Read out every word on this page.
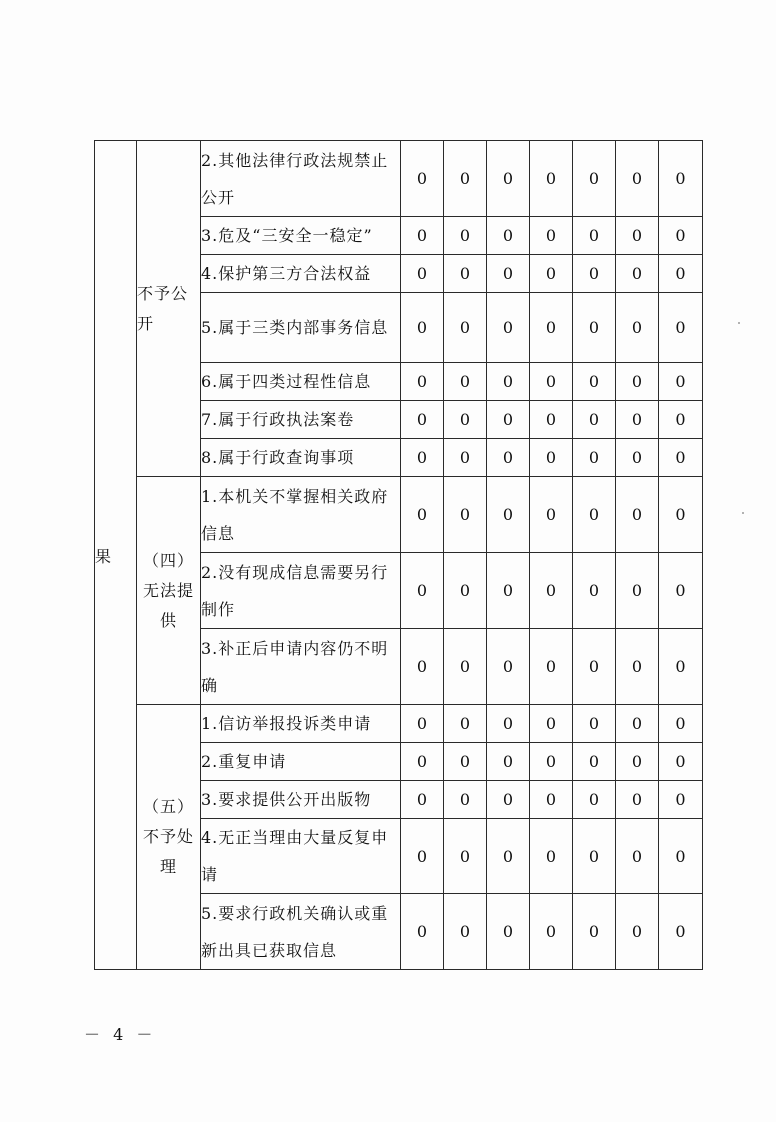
果	不予公开	2.其他法律行政法规禁止公开	0	0	0	0	0	0	0
		3.危及“三安全一稳定”	0	0	0	0	0	0	0
		4.保护第三方合法权益	0	0	0	0	0	0	0
		5.属于三类内部事务信息	0	0	0	0	0	0	0
		6.属于四类过程性信息	0	0	0	0	0	0	0
		7.属于行政执法案卷	0	0	0	0	0	0	0
		8.属于行政查询事项	0	0	0	0	0	0	0
	（四）无法提供	1.本机关不掌握相关政府信息	0	0	0	0	0	0	0
		2.没有现成信息需要另行制作	0	0	0	0	0	0	0
		3.补正后申请内容仍不明确	0	0	0	0	0	0	0
	（五）不予处理	1.信访举报投诉类申请	0	0	0	0	0	0	0
		2.重复申请	0	0	0	0	0	0	0
		3.要求提供公开出版物	0	0	0	0	0	0	0
		4.无正当理由大量反复申请	0	0	0	0	0	0	0
		5.要求行政机关确认或重新出具已获取信息	0	0	0	0	0	0	0
－ 4 －
